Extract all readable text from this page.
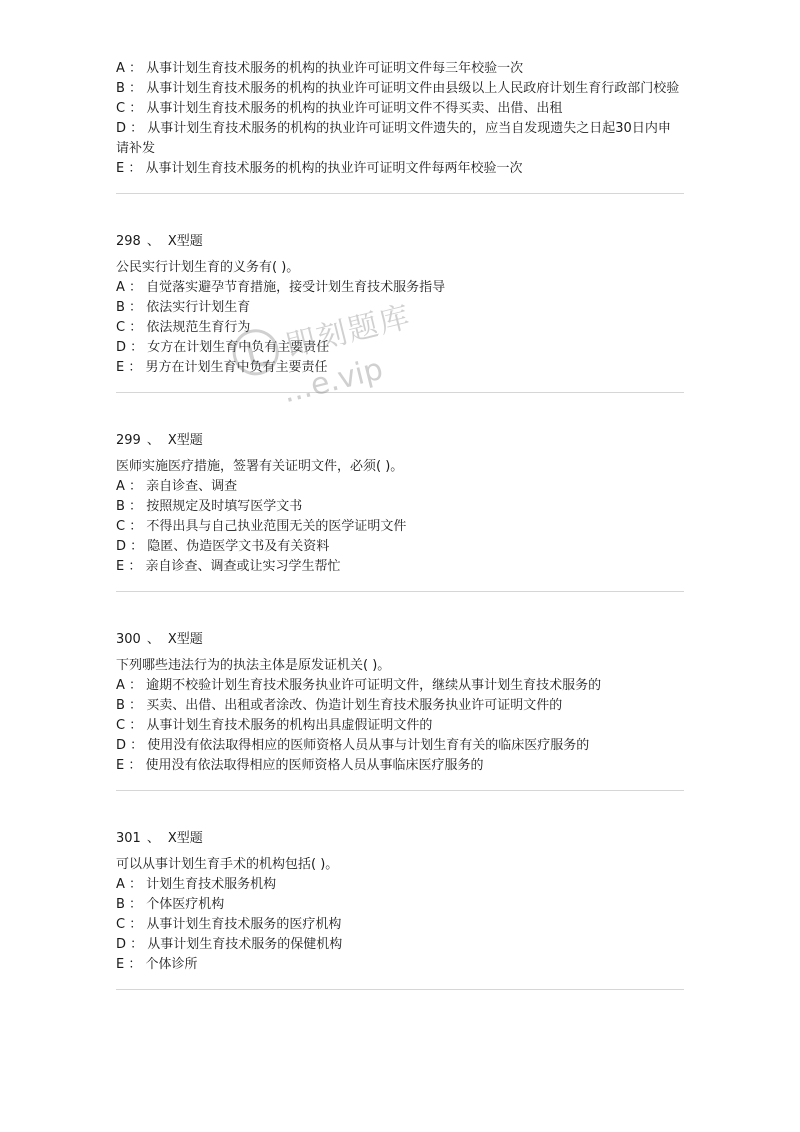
A ： 从事计划生育技术服务的机构的执业许可证明文件每三年校验一次
B ： 从事计划生育技术服务的机构的执业许可证明文件由县级以上人民政府计划生育行政部门校验
C ： 从事计划生育技术服务的机构的执业许可证明文件不得买卖、出借、出租
D ： 从事计划生育技术服务的机构的执业许可证明文件遗失的，应当自发现遗失之日起30日内申请补发
E ： 从事计划生育技术服务的机构的执业许可证明文件每两年校验一次
298 、 X型题
公民实行计划生育的义务有( )。
A ： 自觉落实避孕节育措施，接受计划生育技术服务指导
B ： 依法实行计划生育
C ： 依法规范生育行为
D ： 女方在计划生育中负有主要责任
E ： 男方在计划生育中负有主要责任
299 、 X型题
医师实施医疗措施，签署有关证明文件，必须( )。
A ： 亲自诊查、调查
B ： 按照规定及时填写医学文书
C ： 不得出具与自己执业范围无关的医学证明文件
D ： 隐匿、伪造医学文书及有关资料
E ： 亲自诊查、调查或让实习学生帮忙
300 、 X型题
下列哪些违法行为的执法主体是原发证机关( )。
A ： 逾期不校验计划生育技术服务执业许可证明文件，继续从事计划生育技术服务的
B ： 买卖、出借、出租或者涂改、伪造计划生育技术服务执业许可证明文件的
C ： 从事计划生育技术服务的机构出具虚假证明文件的
D ： 使用没有依法取得相应的医师资格人员从事与计划生育有关的临床医疗服务的
E ： 使用没有依法取得相应的医师资格人员从事临床医疗服务的
301 、 X型题
可以从事计划生育手术的机构包括( )。
A ： 计划生育技术服务机构
B ： 个体医疗机构
C ： 从事计划生育技术服务的医疗机构
D ： 从事计划生育技术服务的保健机构
E ： 个体诊所
即刻题库
...e.vip
